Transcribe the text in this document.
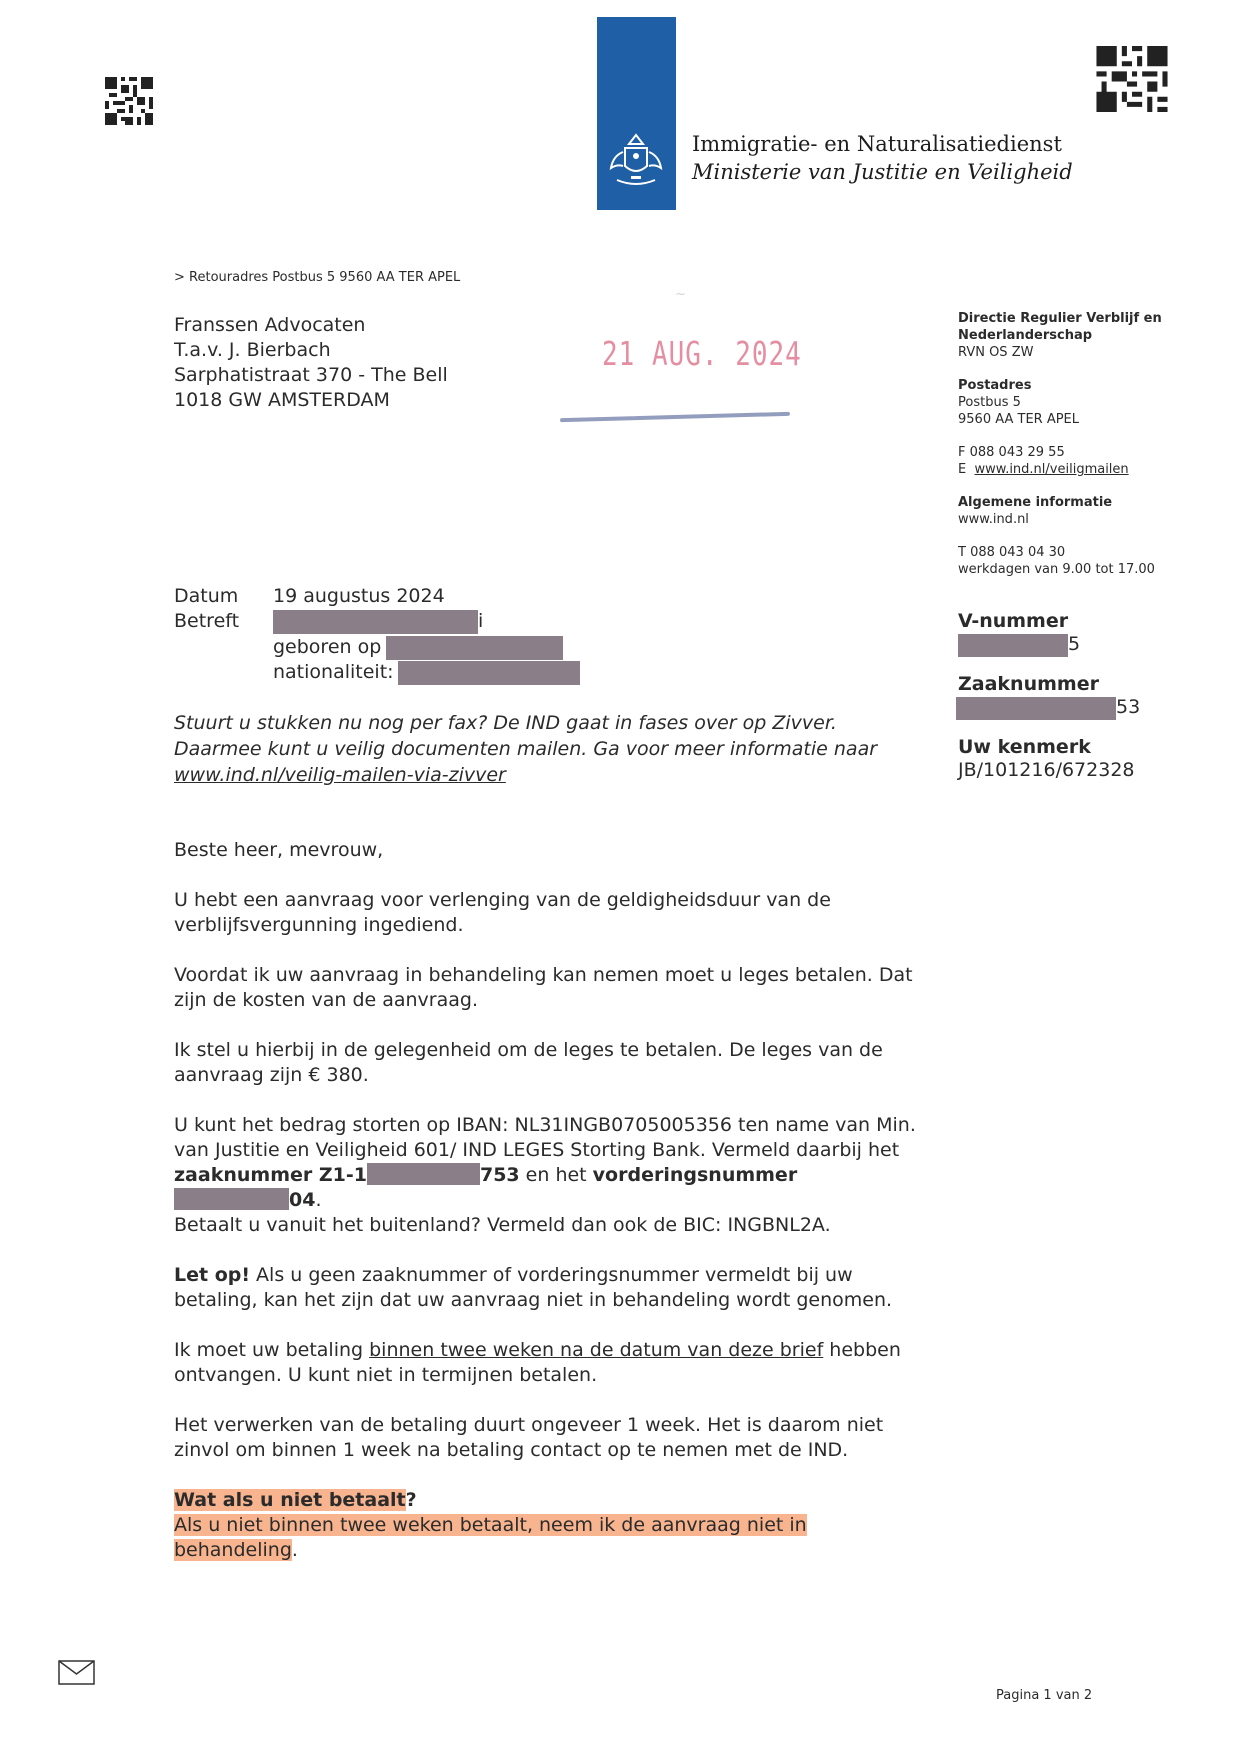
Immigratie- en Naturalisatiedienst
Ministerie van Justitie en Veiligheid
> Retouradres Postbus 5 9560 AA TER APEL
Franssen Advocaten
T.a.v. J. Bierbach
Sarphatistraat 370 - The Bell
1018 GW AMSTERDAM
~
21 AUG. 2024
Directie Regulier Verblijf en
Nederlanderschap
RVN OS ZW
Postadres
Postbus 5
9560 AA TER APEL
F 088 043 29 55
E www.ind.nl/veiligmailen
Algemene informatie
www.ind.nl
T 088 043 04 30
werkdagen van 9.00 tot 17.00
V-nummer
5
Zaaknummer
53
Uw kenmerk
JB/101216/672328
Datum 19 augustus 2024
Betreft	i
geboren op
nationaliteit:
Stuurt u stukken nu nog per fax? De IND gaat in fases over op Zivver.
Daarmee kunt u veilig documenten mailen. Ga voor meer informatie naar
www.ind.nl/veilig-mailen-via-zivver
Beste heer, mevrouw,
U hebt een aanvraag voor verlenging van de geldigheidsduur van de
verblijfsvergunning ingediend.
Voordat ik uw aanvraag in behandeling kan nemen moet u leges betalen. Dat
zijn de kosten van de aanvraag.
Ik stel u hierbij in de gelegenheid om de leges te betalen. De leges van de
aanvraag zijn € 380.
U kunt het bedrag storten op IBAN: NL31INGB0705005356 ten name van Min.
van Justitie en Veiligheid 601/ IND LEGES Storting Bank. Vermeld daarbij het
zaaknummer Z1-1	753 en het vorderingsnummer
04.
Betaalt u vanuit het buitenland? Vermeld dan ook de BIC: INGBNL2A.
Let op! Als u geen zaaknummer of vorderingsnummer vermeldt bij uw
betaling, kan het zijn dat uw aanvraag niet in behandeling wordt genomen.
Ik moet uw betaling binnen twee weken na de datum van deze brief hebben
ontvangen. U kunt niet in termijnen betalen.
Het verwerken van de betaling duurt ongeveer 1 week. Het is daarom niet
zinvol om binnen 1 week na betaling contact op te nemen met de IND.
Wat als u niet betaalt?
Als u niet binnen twee weken betaalt, neem ik de aanvraag niet in
behandeling.
Pagina 1 van 2
